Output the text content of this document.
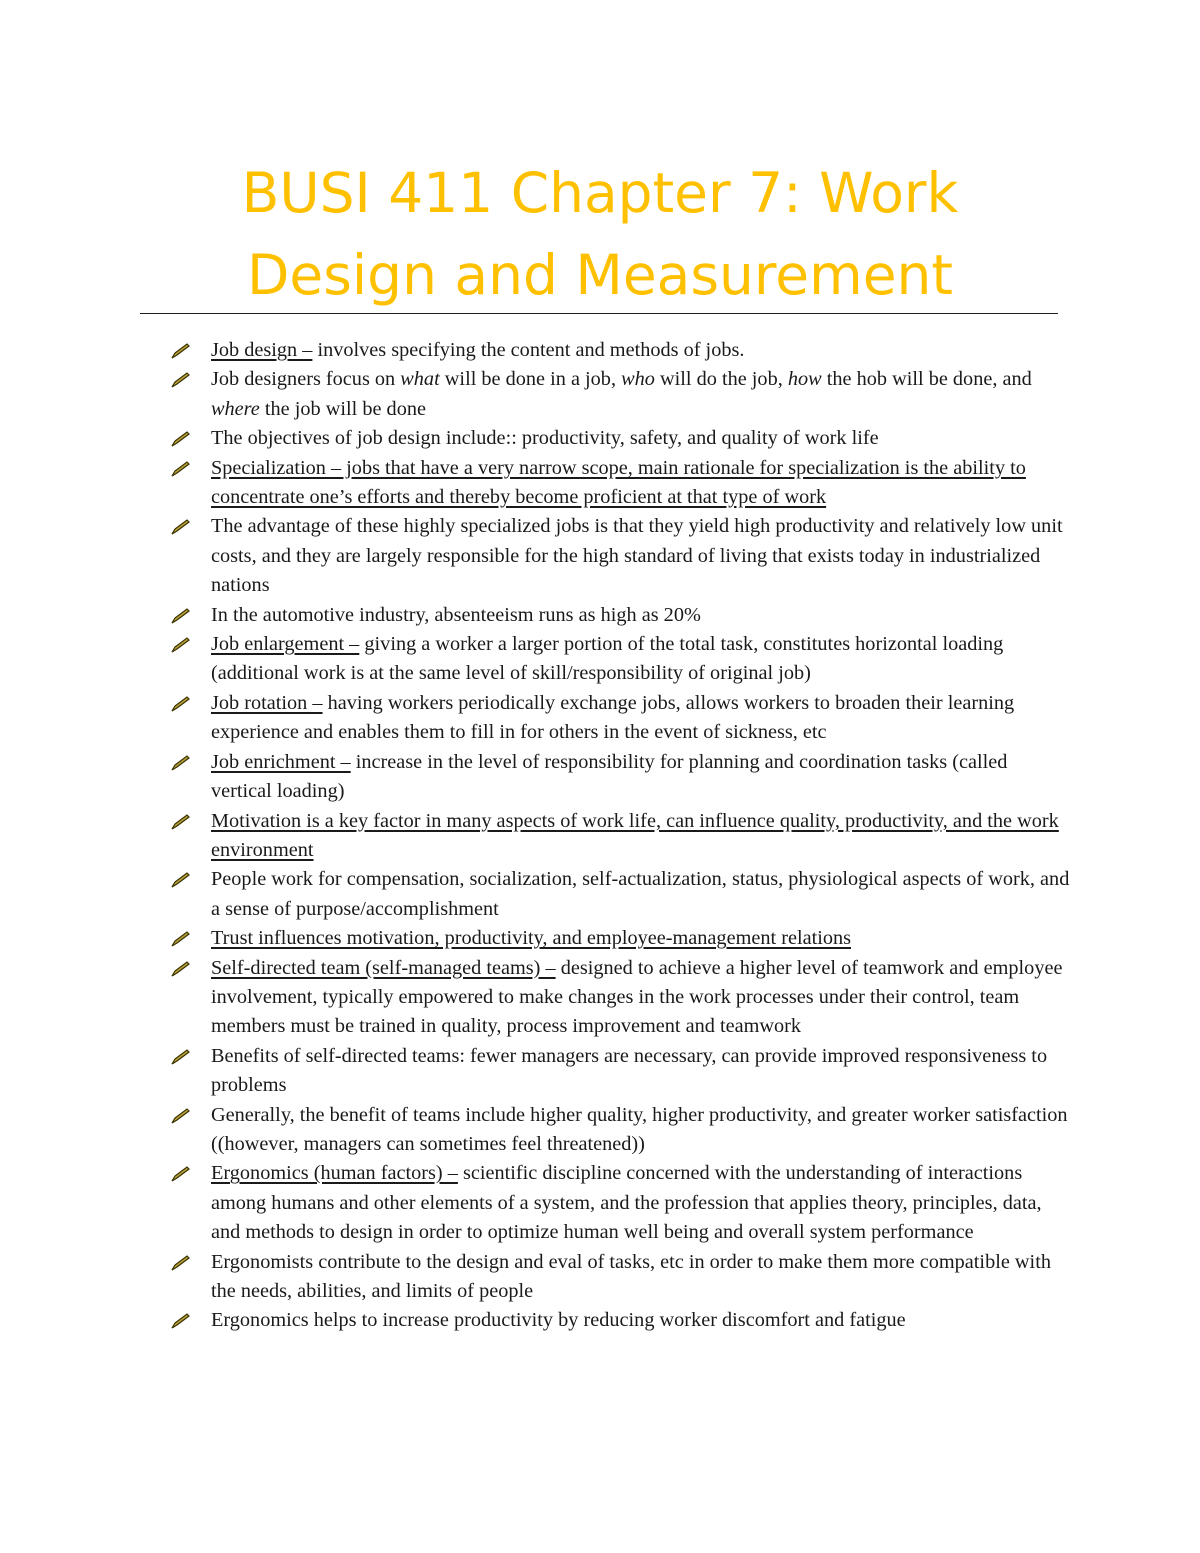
BUSI 411 Chapter 7: Work
Design and Measurement
Job design – involves specifying the content and methods of jobs.
Job designers focus on what will be done in a job, who will do the job, how the hob will be done, and where the job will be done
The objectives of job design include:: productivity, safety, and quality of work life
Specialization – jobs that have a very narrow scope, main rationale for specialization is the ability to concentrate one’s efforts and thereby become proficient at that type of work
The advantage of these highly specialized jobs is that they yield high productivity and relatively low unit costs, and they are largely responsible for the high standard of living that exists today in industrialized nations
In the automotive industry, absenteeism runs as high as 20%
Job enlargement – giving a worker a larger portion of the total task, constitutes horizontal loading (additional work is at the same level of skill/responsibility of original job)
Job rotation – having workers periodically exchange jobs, allows workers to broaden their learning experience and enables them to fill in for others in the event of sickness, etc
Job enrichment – increase in the level of responsibility for planning and coordination tasks (called vertical loading)
Motivation is a key factor in many aspects of work life, can influence quality, productivity, and the work environment
People work for compensation, socialization, self-actualization, status, physiological aspects of work, and a sense of purpose/accomplishment
Trust influences motivation, productivity, and employee-management relations
Self-directed team (self-managed teams) – designed to achieve a higher level of teamwork and employee involvement, typically empowered to make changes in the work processes under their control, team members must be trained in quality, process improvement and teamwork
Benefits of self-directed teams: fewer managers are necessary, can provide improved responsiveness to problems
Generally, the benefit of teams include higher quality, higher productivity, and greater worker satisfaction ((however, managers can sometimes feel threatened))
Ergonomics (human factors) – scientific discipline concerned with the understanding of interactions among humans and other elements of a system, and the profession that applies theory, principles, data, and methods to design in order to optimize human well being and overall system performance
Ergonomists contribute to the design and eval of tasks, etc in order to make them more compatible with the needs, abilities, and limits of people
Ergonomics helps to increase productivity by reducing worker discomfort and fatigue
